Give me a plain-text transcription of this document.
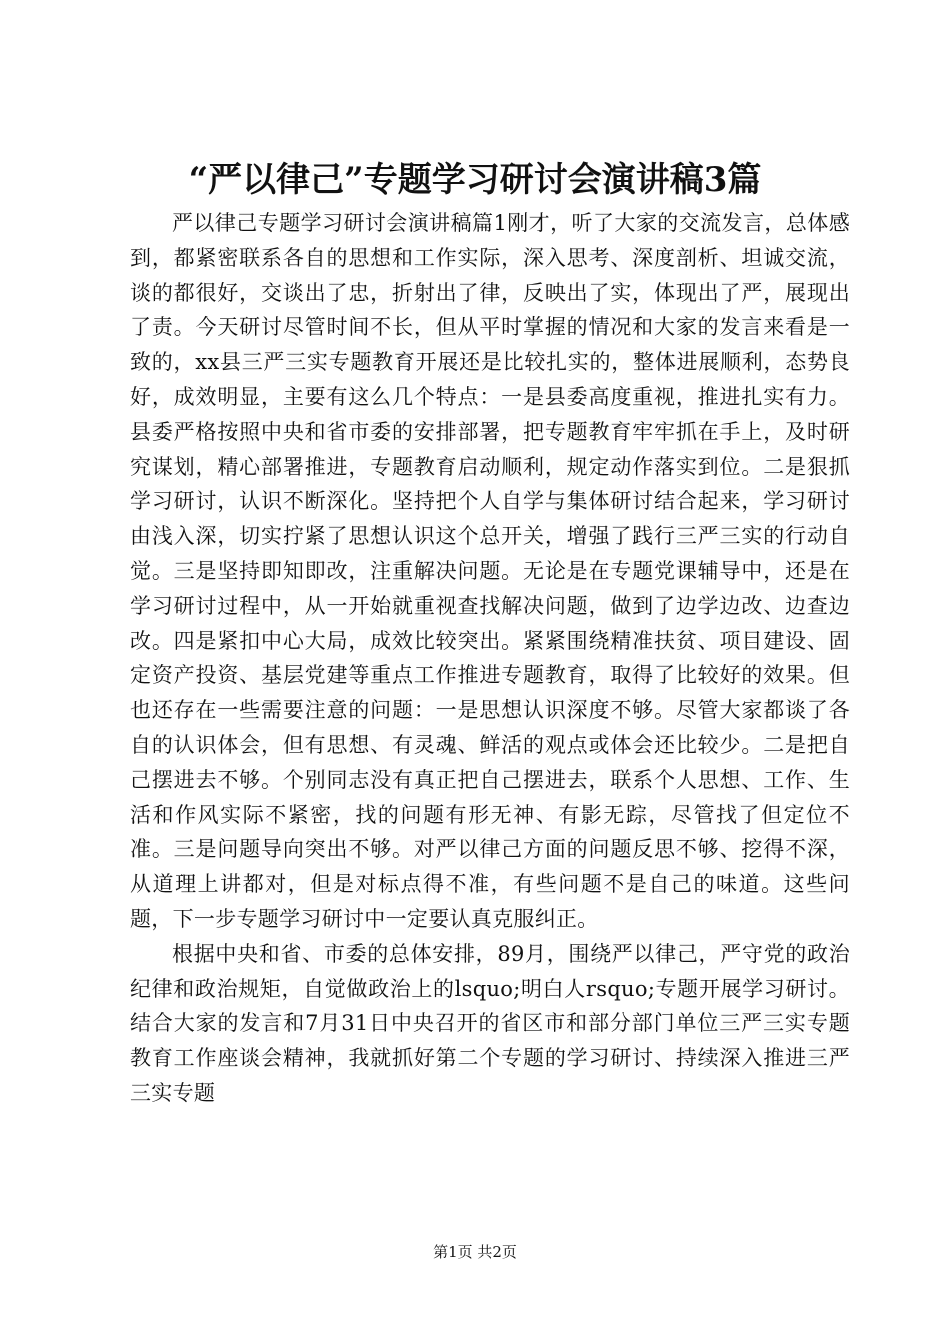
“严以律己”专题学习研讨会演讲稿3篇

严以律己专题学习研讨会演讲稿篇1刚才，听了大家的交流发言，总体感到，都紧密联系各自的思想和工作实际，深入思考、深度剖析、坦诚交流，谈的都很好，交谈出了忠，折射出了律，反映出了实，体现出了严，展现出了责。今天研讨尽管时间不长，但从平时掌握的情况和大家的发言来看是一致的，xx县三严三实专题教育开展还是比较扎实的，整体进展顺利，态势良好，成效明显，主要有这么几个特点：一是县委高度重视，推进扎实有力。县委严格按照中央和省市委的安排部署，把专题教育牢牢抓在手上，及时研究谋划，精心部署推进，专题教育启动顺利，规定动作落实到位。二是狠抓学习研讨，认识不断深化。坚持把个人自学与集体研讨结合起来，学习研讨由浅入深，切实拧紧了思想认识这个总开关，增强了践行三严三实的行动自觉。三是坚持即知即改，注重解决问题。无论是在专题党课辅导中，还是在学习研讨过程中，从一开始就重视查找解决问题，做到了边学边改、边查边改。四是紧扣中心大局，成效比较突出。紧紧围绕精准扶贫、项目建设、固定资产投资、基层党建等重点工作推进专题教育，取得了比较好的效果。但也还存在一些需要注意的问题：一是思想认识深度不够。尽管大家都谈了各自的认识体会，但有思想、有灵魂、鲜活的观点或体会还比较少。二是把自己摆进去不够。个别同志没有真正把自己摆进去，联系个人思想、工作、生活和作风实际不紧密，找的问题有形无神、有影无踪，尽管找了但定位不准。三是问题导向突出不够。对严以律己方面的问题反思不够、挖得不深，从道理上讲都对，但是对标点得不准，有些问题不是自己的味道。这些问题，下一步专题学习研讨中一定要认真克服纠正。

根据中央和省、市委的总体安排，89月，围绕严以律己，严守党的政治纪律和政治规矩，自觉做政治上的lsquo;明白人rsquo;专题开展学习研讨。结合大家的发言和7月31日中央召开的省区市和部分部门单位三严三实专题教育工作座谈会精神，我就抓好第二个专题的学习研讨、持续深入推进三严三实专题

第1页 共2页
